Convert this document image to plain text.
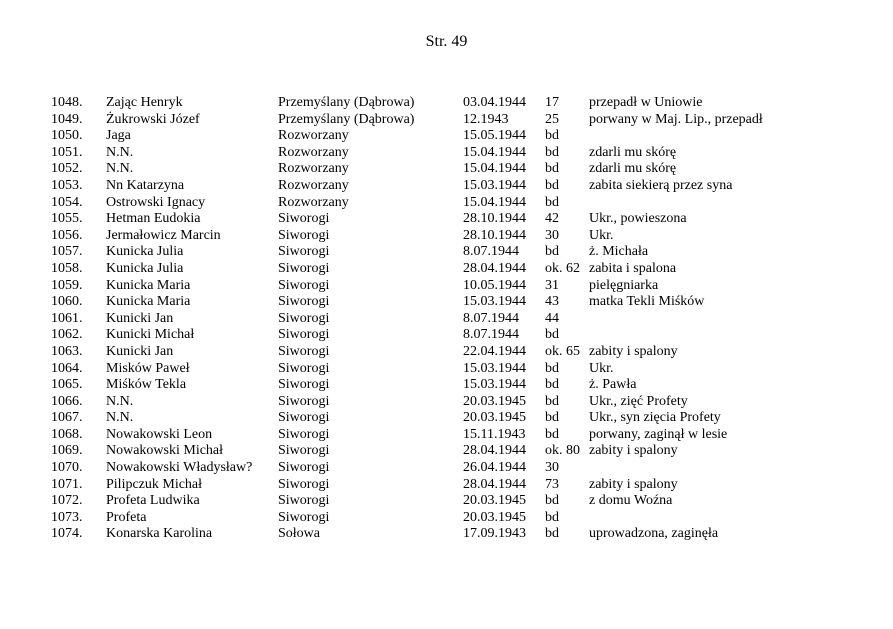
Str. 49
1048. Zając Henryk	Przemyślany (Dąbrowa)	03.04.1944 17 przepadł w Uniowie
1049. Żukrowski Józef	Przemyślany (Dąbrowa)	12.1943	25 porwany w Maj. Lip., przepadł
1050. Jaga	Rozworzany	15.05.1944 bd
1051. N.N.	Rozworzany	15.04.1944 bd zdarli mu skórę
1052. N.N.	Rozworzany	15.04.1944 bd zdarli mu skórę
1053. Nn Katarzyna	Rozworzany	15.03.1944 bd zabita siekierą przez syna
1054. Ostrowski Ignacy	Rozworzany	15.04.1944 bd
1055. Hetman Eudokia	Siworogi	28.10.1944 42 Ukr., powieszona
1056. Jermałowicz Marcin	Siworogi	28.10.1944 30 Ukr.
1057. Kunicka Julia	Siworogi	8.07.1944 bd ż. Michała
1058. Kunicka Julia	Siworogi	28.04.1944 ok. 62 zabita i spalona
1059. Kunicka Maria	Siworogi	10.05.1944 31 pielęgniarka
1060. Kunicka Maria	Siworogi	15.03.1944 43 matka Tekli Miśków
1061. Kunicki Jan	Siworogi	8.07.1944 44
1062. Kunicki Michał	Siworogi	8.07.1944 bd
1063. Kunicki Jan	Siworogi	22.04.1944 ok. 65 zabity i spalony
1064. Misków Paweł	Siworogi	15.03.1944 bd Ukr.
1065. Miśków Tekla	Siworogi	15.03.1944 bd ż. Pawła
1066. N.N.	Siworogi	20.03.1945 bd Ukr., zięć Profety
1067. N.N.	Siworogi	20.03.1945 bd Ukr., syn zięcia Profety
1068. Nowakowski Leon	Siworogi	15.11.1943 bd porwany, zaginął w lesie
1069. Nowakowski Michał	Siworogi	28.04.1944 ok. 80 zabity i spalony
1070. Nowakowski Władysław? Siworogi	26.04.1944 30
1071. Pilipczuk Michał	Siworogi	28.04.1944 73 zabity i spalony
1072. Profeta Ludwika	Siworogi	20.03.1945 bd z domu Woźna
1073. Profeta	Siworogi	20.03.1945 bd
1074. Konarska Karolina	Sołowa	17.09.1943 bd uprowadzona, zaginęła
